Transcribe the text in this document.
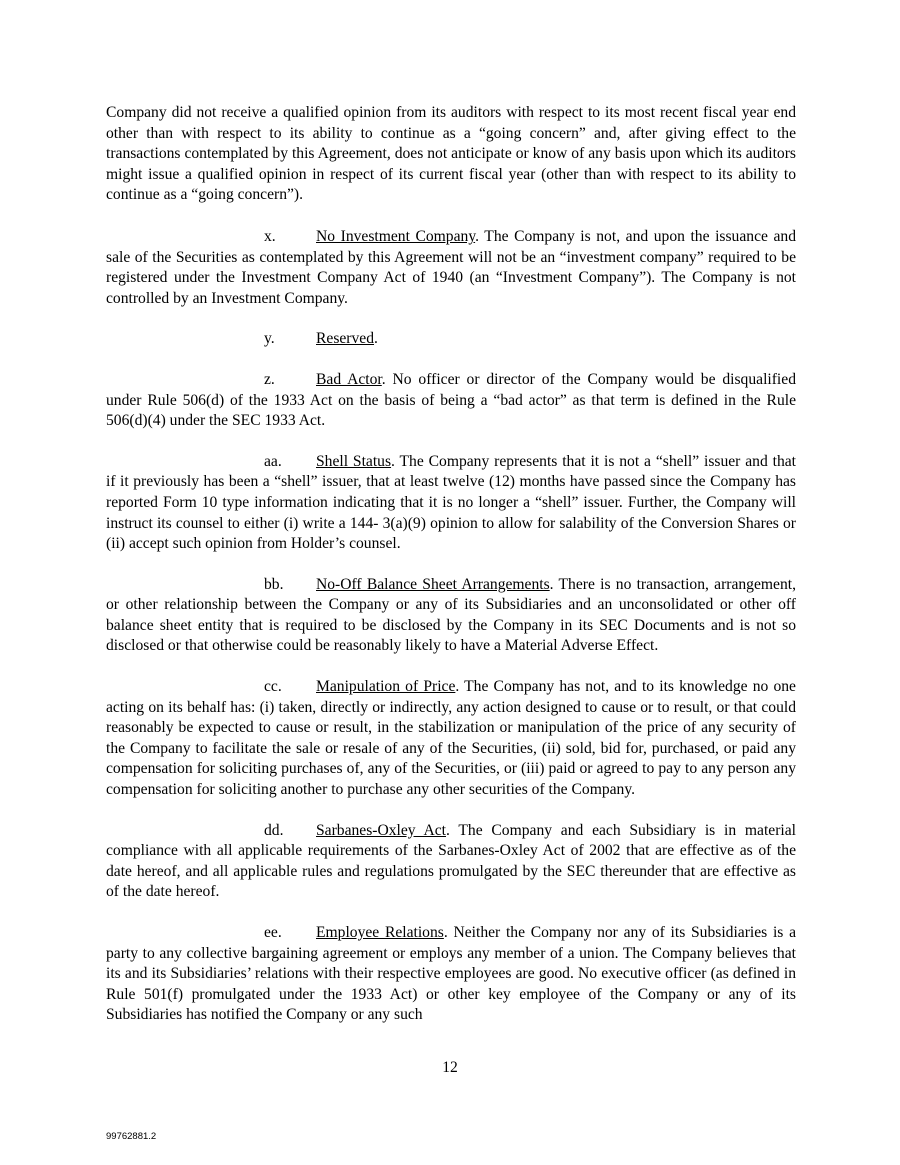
Company did not receive a qualified opinion from its auditors with respect to its most recent fiscal year end other than with respect to its ability to continue as a “going concern” and, after giving effect to the transactions contemplated by this Agreement, does not anticipate or know of any basis upon which its auditors might issue a qualified opinion in respect of its current fiscal year (other than with respect to its ability to continue as a “going concern”).

x.	No Investment Company. The Company is not, and upon the issuance and sale of the Securities as contemplated by this Agreement will not be an “investment company” required to be registered under the Investment Company Act of 1940 (an “Investment Company”). The Company is not controlled by an Investment Company.

y.	Reserved.

z.	Bad Actor. No officer or director of the Company would be disqualified under Rule 506(d) of the 1933 Act on the basis of being a “bad actor” as that term is defined in the Rule 506(d)(4) under the SEC 1933 Act.

aa. Shell Status. The Company represents that it is not a “shell” issuer and that if it previously has been a “shell” issuer, that at least twelve (12) months have passed since the Company has reported Form 10 type information indicating that it is no longer a “shell” issuer. Further, the Company will instruct its counsel to either (i) write a 144- 3(a)(9) opinion to allow for salability of the Conversion Shares or (ii) accept such opinion from Holder’s counsel.

bb. No-Off Balance Sheet Arrangements. There is no transaction, arrangement, or other relationship between the Company or any of its Subsidiaries and an unconsolidated or other off balance sheet entity that is required to be disclosed by the Company in its SEC Documents and is not so disclosed or that otherwise could be reasonably likely to have a Material Adverse Effect.

cc. Manipulation of Price. The Company has not, and to its knowledge no one acting on its behalf has: (i) taken, directly or indirectly, any action designed to cause or to result, or that could reasonably be expected to cause or result, in the stabilization or manipulation of the price of any security of the Company to facilitate the sale or resale of any of the Securities, (ii) sold, bid for, purchased, or paid any compensation for soliciting purchases of, any of the Securities, or (iii) paid or agreed to pay to any person any compensation for soliciting another to purchase any other securities of the Company.

dd. Sarbanes-Oxley Act. The Company and each Subsidiary is in material compliance with all applicable requirements of the Sarbanes-Oxley Act of 2002 that are effective as of the date hereof, and all applicable rules and regulations promulgated by the SEC thereunder that are effective as of the date hereof.

ee. Employee Relations. Neither the Company nor any of its Subsidiaries is a party to any collective bargaining agreement or employs any member of a union. The Company believes that its and its Subsidiaries’ relations with their respective employees are good. No executive officer (as defined in Rule 501(f) promulgated under the 1933 Act) or other key employee of the Company or any of its Subsidiaries has notified the Company or any such

12
99762881.2
